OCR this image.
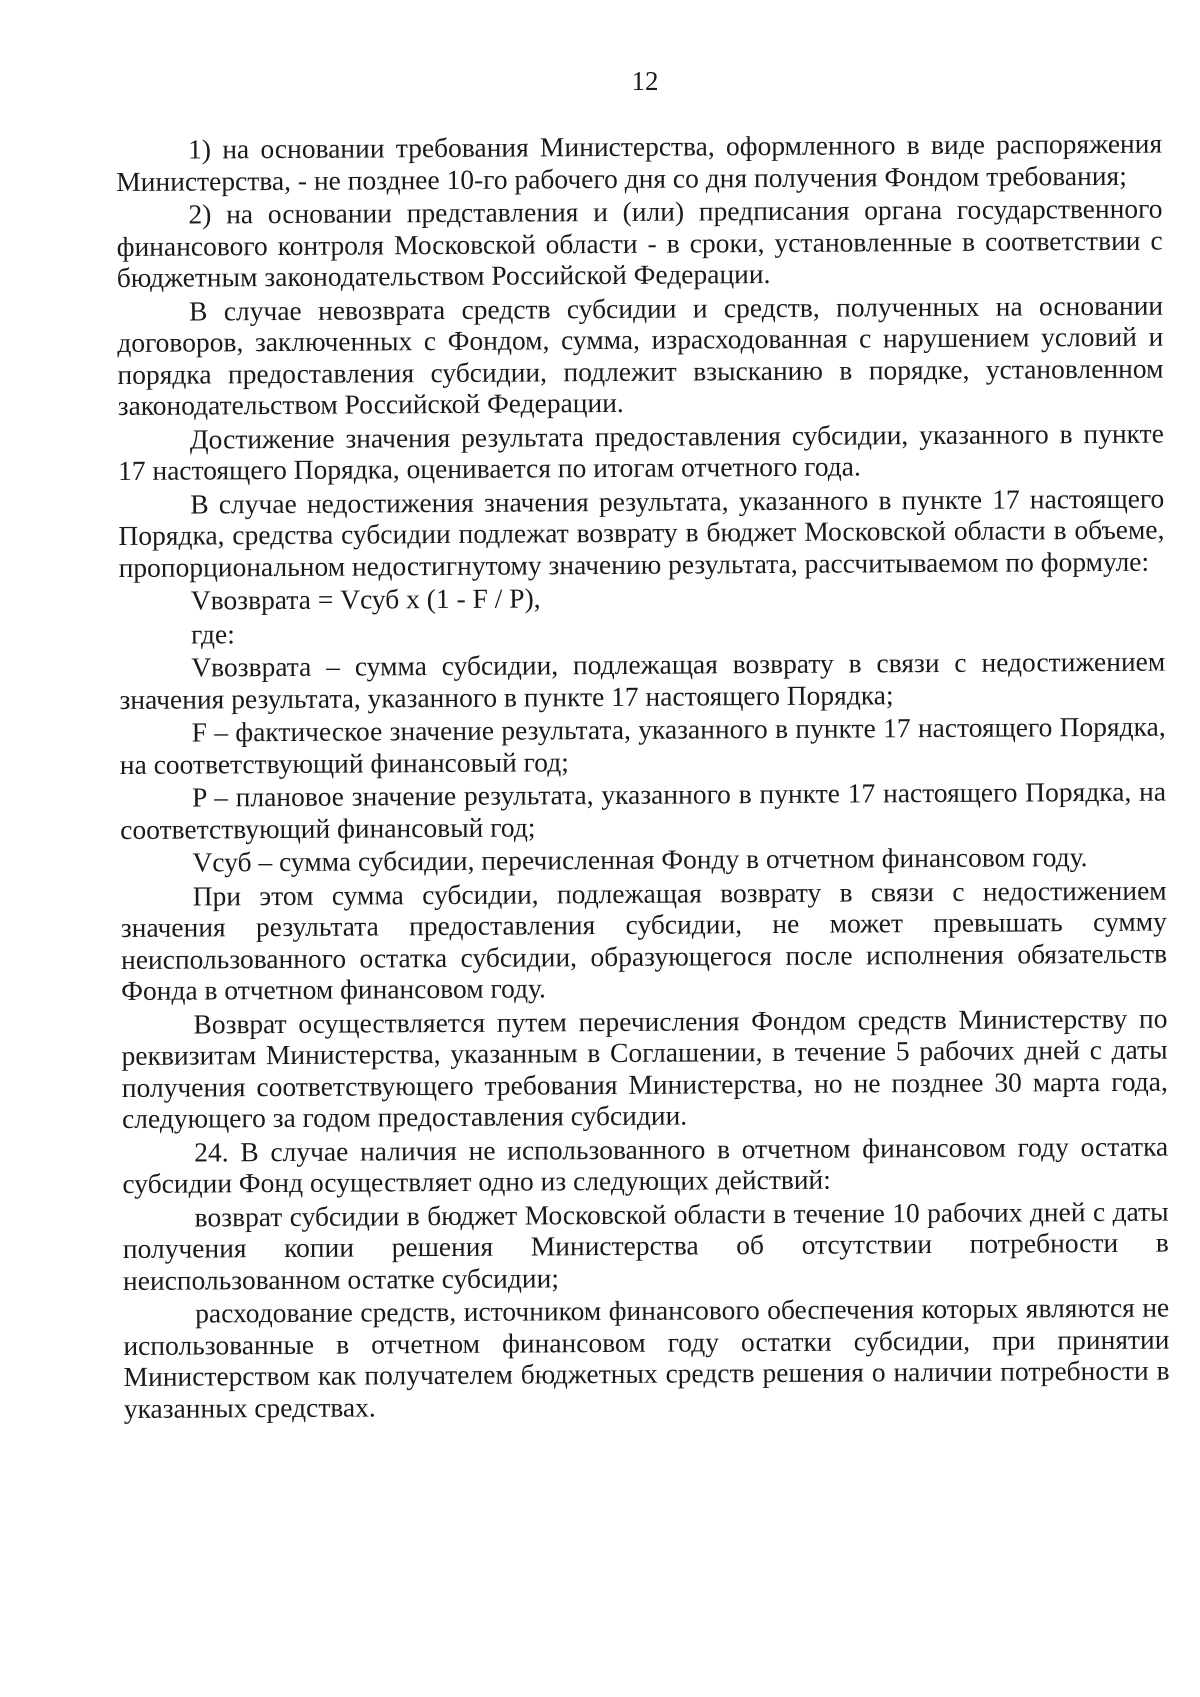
12

1) на основании требования Министерства, оформленного в виде распоряжения Министерства, - не позднее 10-го рабочего дня со дня получения Фондом требования;

2) на основании представления и (или) предписания органа государственного финансового контроля Московской области - в сроки, установленные в соответствии с бюджетным законодательством Российской Федерации.

В случае невозврата средств субсидии и средств, полученных на основании договоров, заключенных с Фондом, сумма, израсходованная с нарушением условий и порядка предоставления субсидии, подлежит взысканию в порядке, установленном законодательством Российской Федерации.

Достижение значения результата предоставления субсидии, указанного в пункте 17 настоящего Порядка, оценивается по итогам отчетного года.

В случае недостижения значения результата, указанного в пункте 17 настоящего Порядка, средства субсидии подлежат возврату в бюджет Московской области в объеме, пропорциональном недостигнутому значению результата, рассчитываемом по формуле:

Vвозврата = Vсуб x (1 - F / P),

где:

Vвозврата – сумма субсидии, подлежащая возврату в связи с недостижением значения результата, указанного в пункте 17 настоящего Порядка;

F – фактическое значение результата, указанного в пункте 17 настоящего Порядка, на соответствующий финансовый год;

P – плановое значение результата, указанного в пункте 17 настоящего Порядка, на соответствующий финансовый год;

Vсуб – сумма субсидии, перечисленная Фонду в отчетном финансовом году.

При этом сумма субсидии, подлежащая возврату в связи с недостижением значения результата предоставления субсидии, не может превышать сумму неиспользованного остатка субсидии, образующегося после исполнения обязательств Фонда в отчетном финансовом году.

Возврат осуществляется путем перечисления Фондом средств Министерству по реквизитам Министерства, указанным в Соглашении, в течение 5 рабочих дней с даты получения соответствующего требования Министерства, но не позднее 30 марта года, следующего за годом предоставления субсидии.

24. В случае наличия не использованного в отчетном финансовом году остатка субсидии Фонд осуществляет одно из следующих действий:

возврат субсидии в бюджет Московской области в течение 10 рабочих дней с даты получения копии решения Министерства об отсутствии потребности в неиспользованном остатке субсидии;

расходование средств, источником финансового обеспечения которых являются не использованные в отчетном финансовом году остатки субсидии, при принятии Министерством как получателем бюджетных средств решения о наличии потребности в указанных средствах.
